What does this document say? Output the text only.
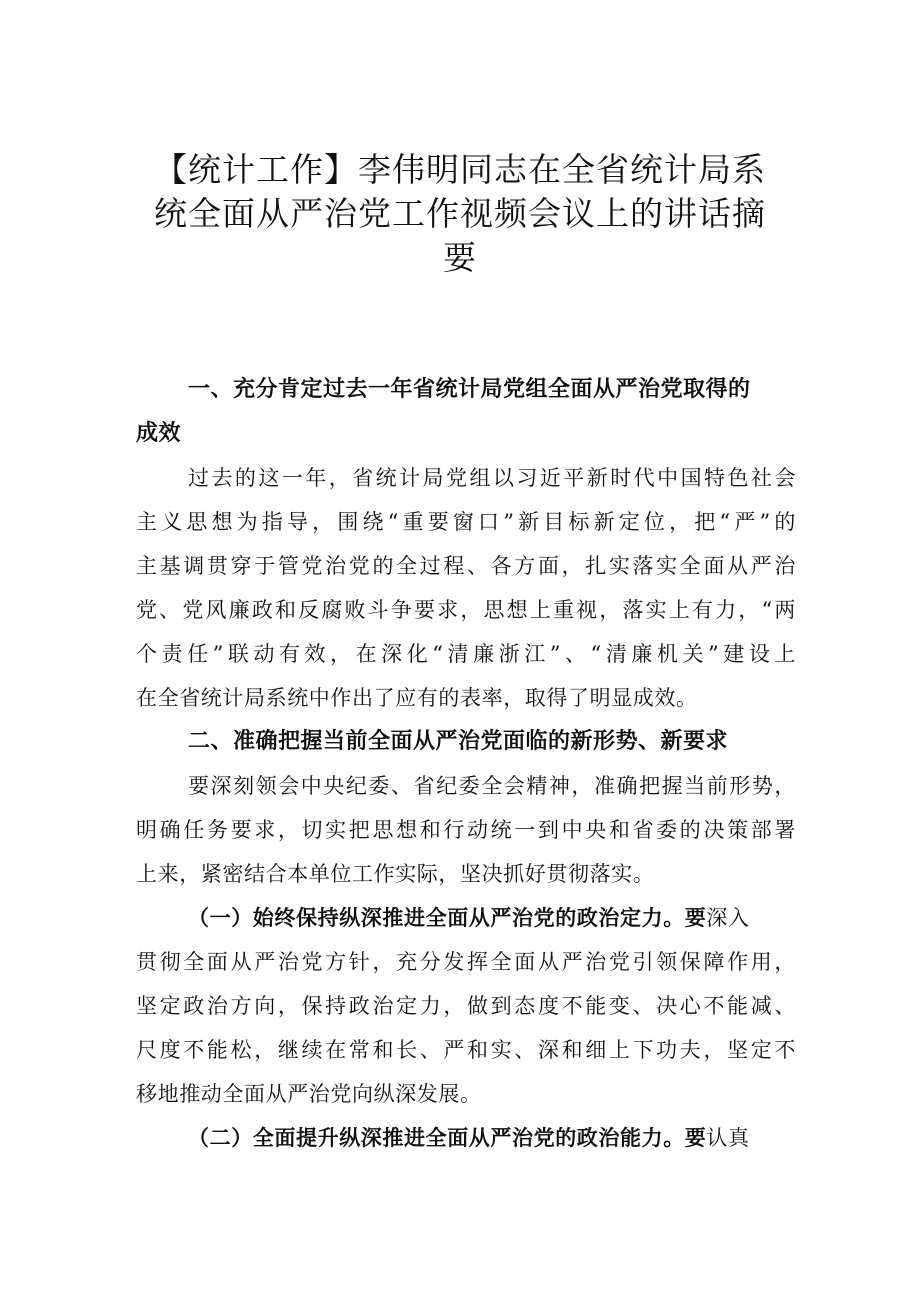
【统计工作】李伟明同志在全省统计局系
统全面从严治党工作视频会议上的讲话摘
要
一、充分肯定过去一年省统计局党组全面从严治党取得的
成效
过去的这一年，省统计局党组以习近平新时代中国特色社会
主义思想为指导，围绕“重要窗口”新目标新定位，把“严”的
主基调贯穿于管党治党的全过程、各方面，扎实落实全面从严治
党、党风廉政和反腐败斗争要求，思想上重视，落实上有力，“两
个责任”联动有效，在深化“清廉浙江”、“清廉机关”建设上
在全省统计局系统中作出了应有的表率，取得了明显成效。
二、准确把握当前全面从严治党面临的新形势、新要求
要深刻领会中央纪委、省纪委全会精神，准确把握当前形势，
明确任务要求，切实把思想和行动统一到中央和省委的决策部署
上来，紧密结合本单位工作实际，坚决抓好贯彻落实。
（一）始终保持纵深推进全面从严治党的政治定力。要深入
贯彻全面从严治党方针，充分发挥全面从严治党引领保障作用，
坚定政治方向，保持政治定力，做到态度不能变、决心不能减、
尺度不能松，继续在常和长、严和实、深和细上下功夫，坚定不
移地推动全面从严治党向纵深发展。
（二）全面提升纵深推进全面从严治党的政治能力。要认真
